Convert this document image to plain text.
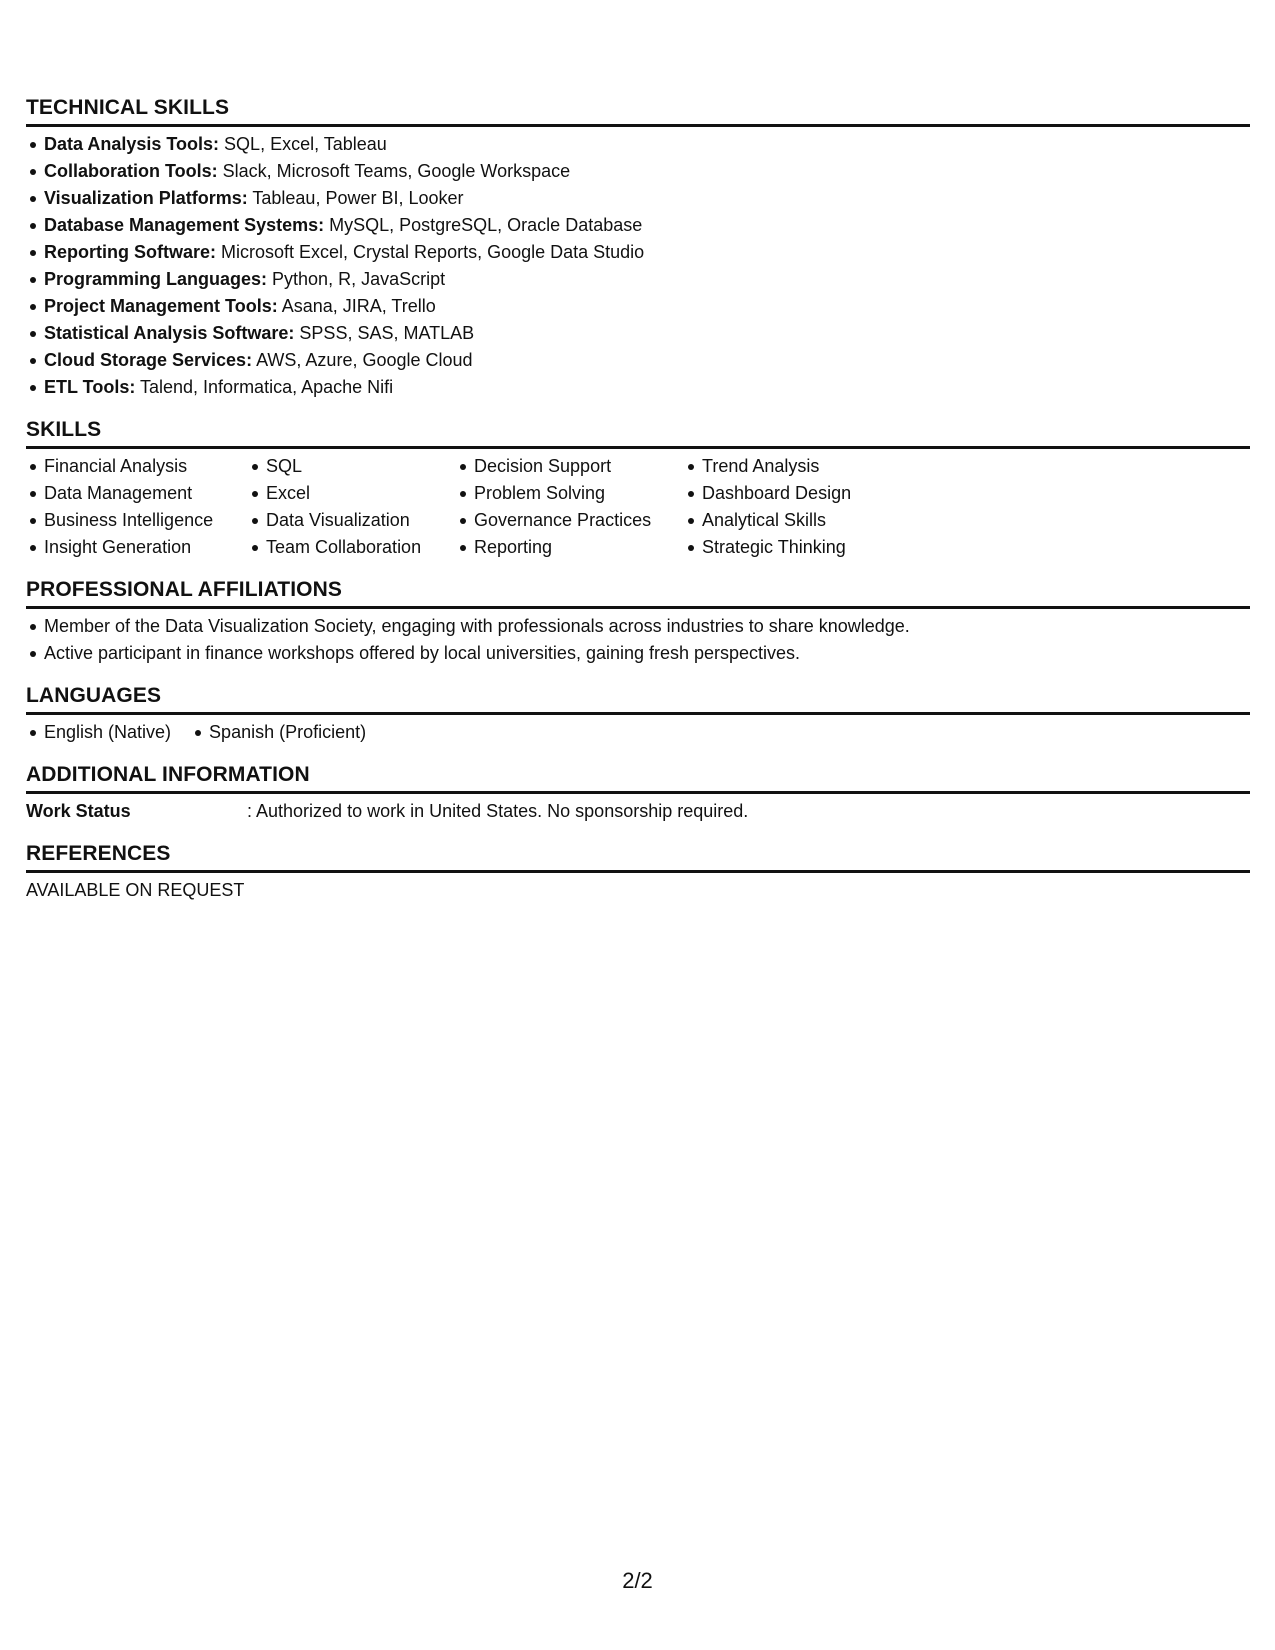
TECHNICAL SKILLS
Data Analysis Tools: SQL, Excel, Tableau
Collaboration Tools: Slack, Microsoft Teams, Google Workspace
Visualization Platforms: Tableau, Power BI, Looker
Database Management Systems: MySQL, PostgreSQL, Oracle Database
Reporting Software: Microsoft Excel, Crystal Reports, Google Data Studio
Programming Languages: Python, R, JavaScript
Project Management Tools: Asana, JIRA, Trello
Statistical Analysis Software: SPSS, SAS, MATLAB
Cloud Storage Services: AWS, Azure, Google Cloud
ETL Tools: Talend, Informatica, Apache Nifi
SKILLS
Financial Analysis
Data Management
Business Intelligence
Insight Generation
SQL
Excel
Data Visualization
Team Collaboration
Decision Support
Problem Solving
Governance Practices
Reporting
Trend Analysis
Dashboard Design
Analytical Skills
Strategic Thinking
PROFESSIONAL AFFILIATIONS
Member of the Data Visualization Society, engaging with professionals across industries to share knowledge.
Active participant in finance workshops offered by local universities, gaining fresh perspectives.
LANGUAGES
English (Native)	Spanish (Proficient)
ADDITIONAL INFORMATION
Work Status	: Authorized to work in United States. No sponsorship required.
REFERENCES
AVAILABLE ON REQUEST
2/2
